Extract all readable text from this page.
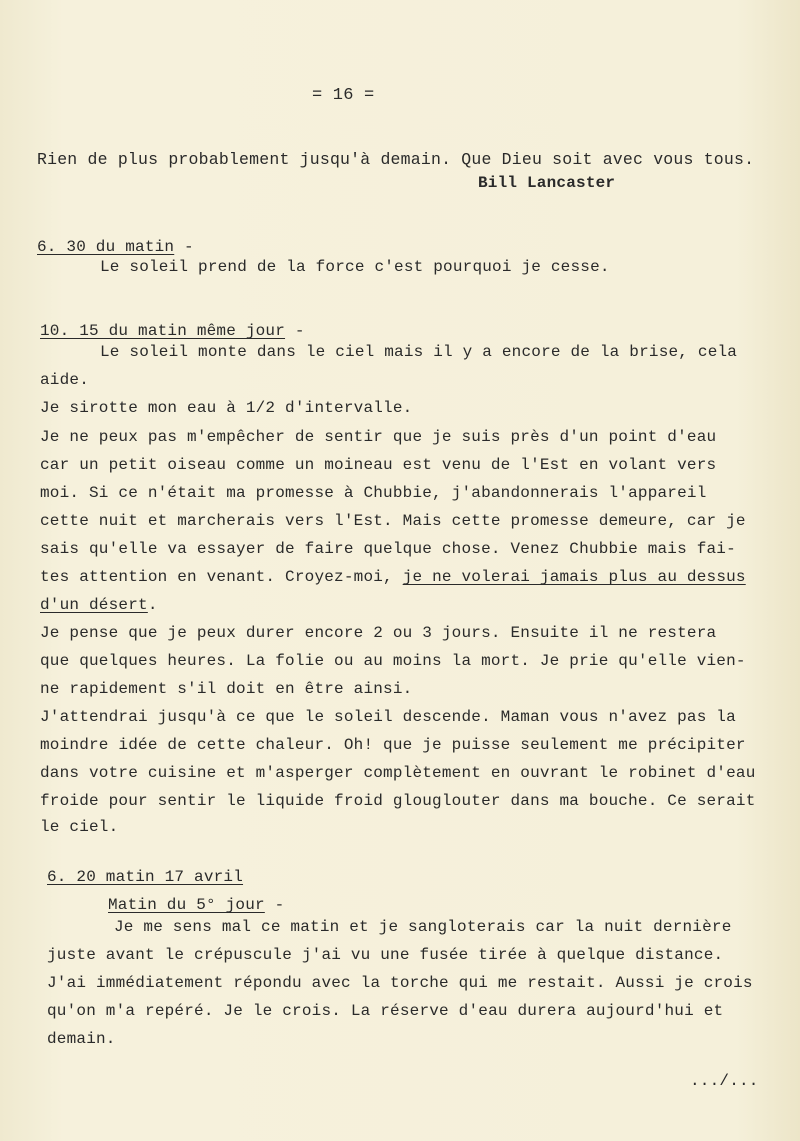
= 16 =
Rien de plus probablement jusqu'à demain. Que Dieu soit avec vous tous.
Bill Lancaster
6. 30 du matin -
Le soleil prend de la force c'est pourquoi je cesse.
10. 15 du matin même jour -
Le soleil monte dans le ciel mais il y a encore de la brise, cela
aide.
Je sirotte mon eau à 1/2 d'intervalle.
Je ne peux pas m'empêcher de sentir que je suis près d'un point d'eau
car un petit oiseau comme un moineau est venu de l'Est en volant vers
moi. Si ce n'était ma promesse à Chubbie, j'abandonnerais l'appareil
cette nuit et marcherais vers l'Est. Mais cette promesse demeure, car je
sais qu'elle va essayer de faire quelque chose. Venez Chubbie mais fai-
tes attention en venant. Croyez-moi, je ne volerai jamais plus au dessus
d'un désert.
Je pense que je peux durer encore 2 ou 3 jours. Ensuite il ne restera
que quelques heures. La folie ou au moins la mort. Je prie qu'elle vien-
ne rapidement s'il doit en être ainsi.
J'attendrai jusqu'à ce que le soleil descende. Maman vous n'avez pas la
moindre idée de cette chaleur. Oh! que je puisse seulement me précipiter
dans votre cuisine et m'asperger complètement en ouvrant le robinet d'eau
froide pour sentir le liquide froid glouglouter dans ma bouche. Ce serait
le ciel.
6. 20 matin 17 avril
Matin du 5° jour -
Je me sens mal ce matin et je sangloterais car la nuit dernière
juste avant le crépuscule j'ai vu une fusée tirée à quelque distance.
J'ai immédiatement répondu avec la torche qui me restait. Aussi je crois
qu'on m'a repéré. Je le crois. La réserve d'eau durera aujourd'hui et
demain.
.../...
